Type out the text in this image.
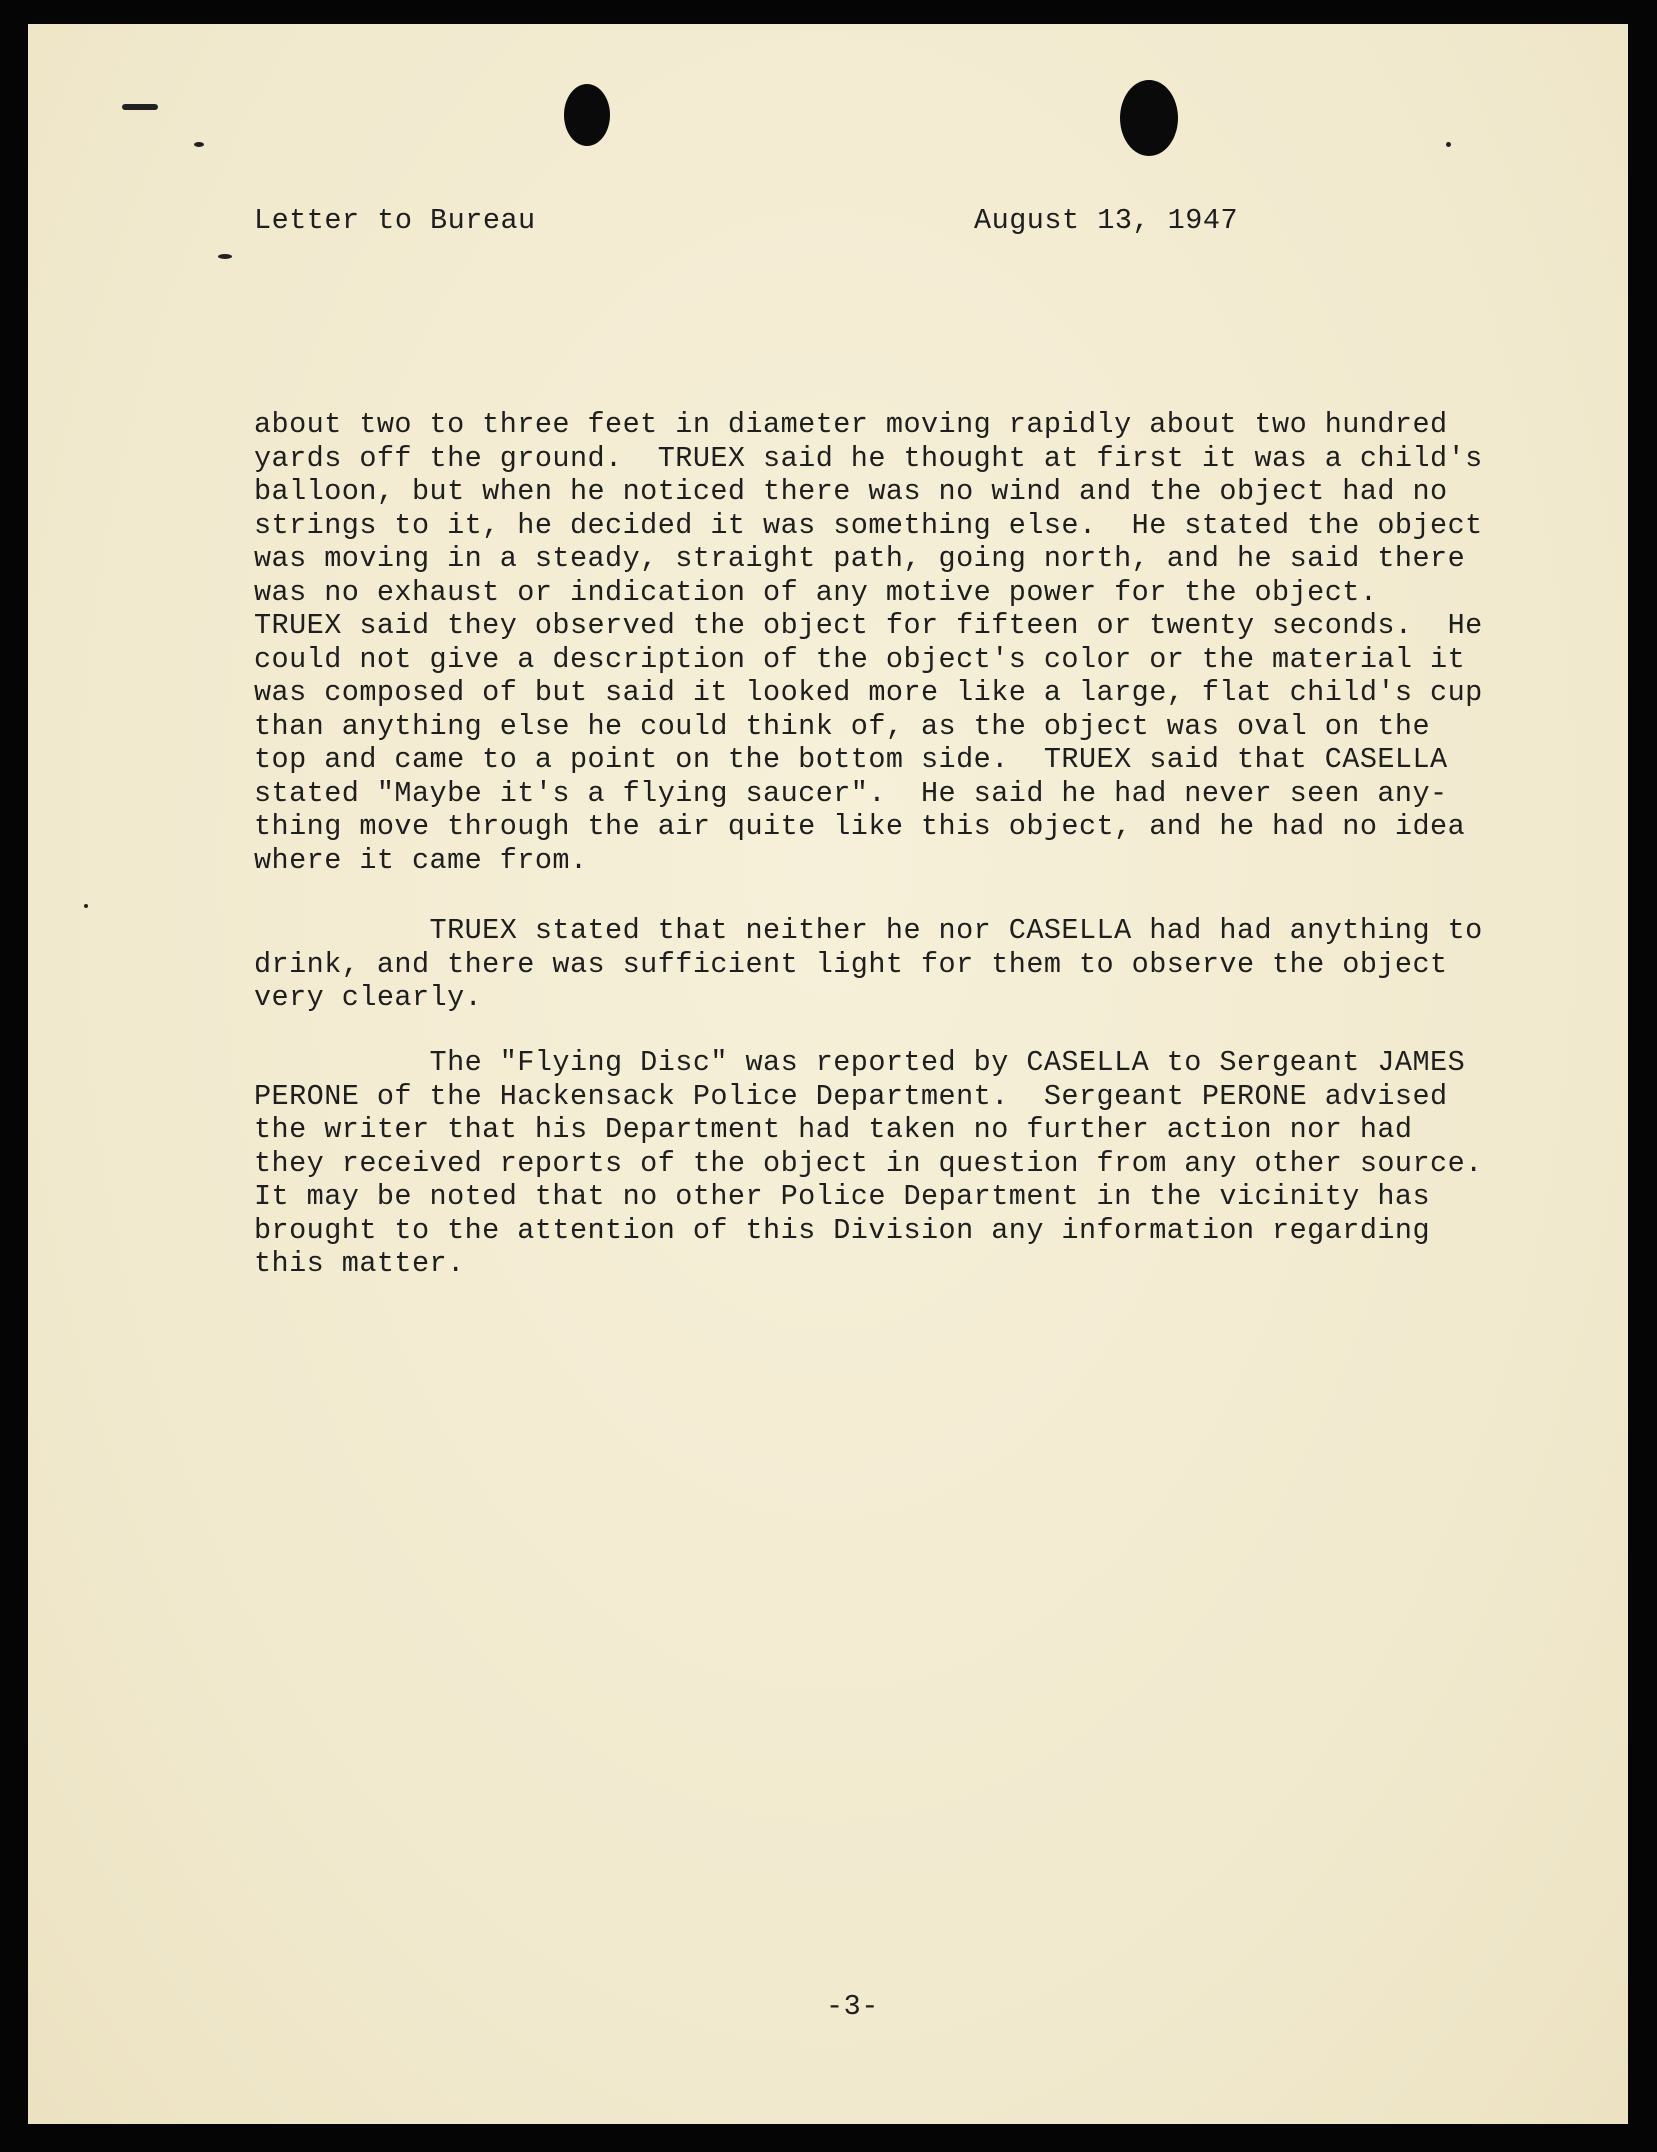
Letter to Bureau	August 13, 1947
about two to three feet in diameter moving rapidly about two hundred
yards off the ground.  TRUEX said he thought at first it was a child's
balloon, but when he noticed there was no wind and the object had no
strings to it, he decided it was something else.  He stated the object
was moving in a steady, straight path, going north, and he said there
was no exhaust or indication of any motive power for the object.
TRUEX said they observed the object for fifteen or twenty seconds.  He
could not give a description of the object's color or the material it
was composed of but said it looked more like a large, flat child's cup
than anything else he could think of, as the object was oval on the
top and came to a point on the bottom side.  TRUEX said that CASELLA
stated "Maybe it's a flying saucer".  He said he had never seen any-
thing move through the air quite like this object, and he had no idea
where it came from.
TRUEX stated that neither he nor CASELLA had had anything to
drink, and there was sufficient light for them to observe the object
very clearly.
The "Flying Disc" was reported by CASELLA to Sergeant JAMES
PERONE of the Hackensack Police Department.  Sergeant PERONE advised
the writer that his Department had taken no further action nor had
they received reports of the object in question from any other source.
It may be noted that no other Police Department in the vicinity has
brought to the attention of this Division any information regarding
this matter.
-3-
